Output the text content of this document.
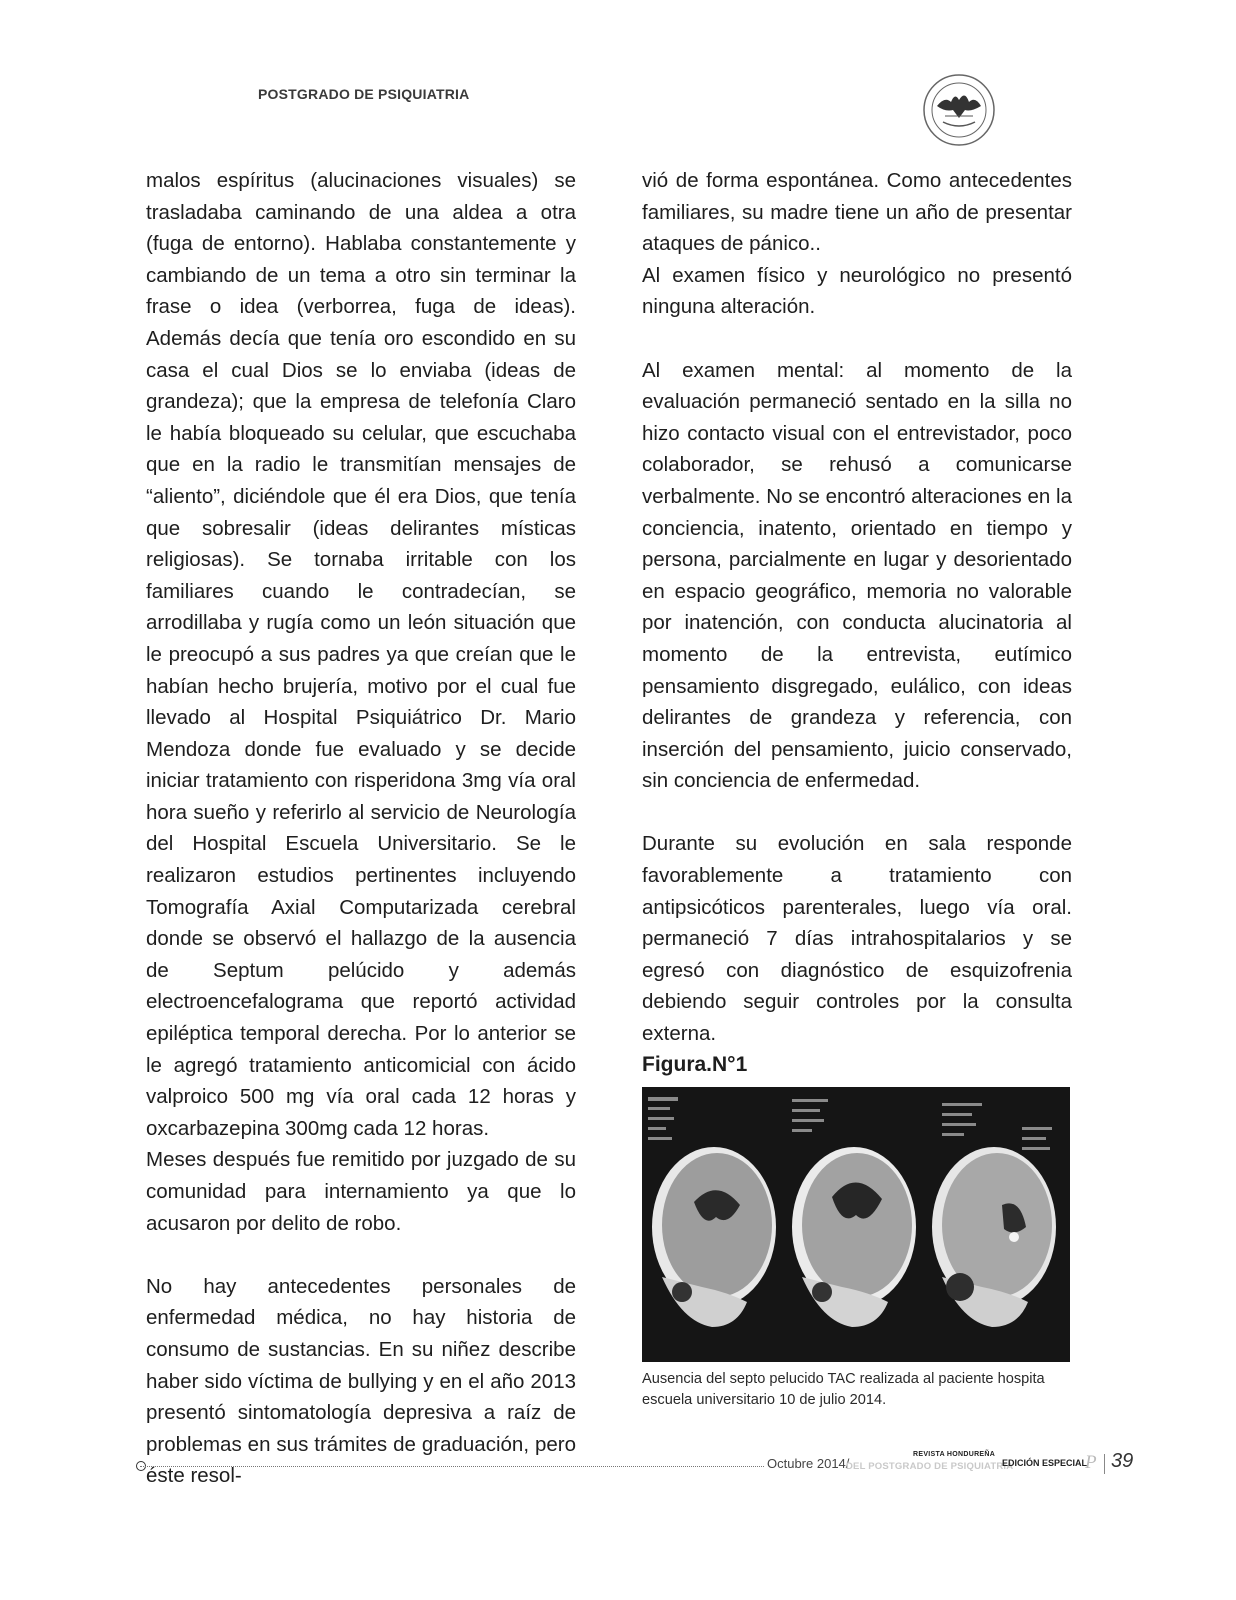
POSTGRADO DE PSIQUIATRIA

malos espíritus (alucinaciones visuales) se trasladaba caminando de una aldea a otra (fuga de entorno). Hablaba constantemente y cambiando de un tema a otro sin terminar la frase o idea (verborrea, fuga de ideas). Además decía que tenía oro escondido en su casa el cual Dios se lo enviaba (ideas de grandeza); que la empresa de telefonía Claro le había bloqueado su celular, que escuchaba que en la radio le transmitían mensajes de “aliento”, diciéndole que él era Dios, que tenía que sobresalir (ideas delirantes místicas religiosas). Se tornaba irritable con los familiares cuando le contradecían, se arrodillaba y rugía como un león situación que le preocupó a sus padres ya que creían que le habían hecho brujería, motivo por el cual fue llevado al Hospital Psiquiátrico Dr. Mario Mendoza donde fue evaluado y se decide iniciar tratamiento con risperidona 3mg vía oral hora sueño y referirlo al servicio de Neurología del Hospital Escuela Universitario. Se le realizaron estudios pertinentes incluyendo Tomografía Axial Computarizada cerebral donde se observó el hallazgo de la ausencia de Septum pelúcido y además electroencefalograma que reportó actividad epiléptica temporal derecha. Por lo anterior se le agregó tratamiento anticomicial con ácido valproico 500 mg vía oral cada 12 horas y oxcarbazepina 300mg cada 12 horas.

Meses después fue remitido por juzgado de su comunidad para internamiento ya que lo acusaron por delito de robo.

No hay antecedentes personales de enfermedad médica, no hay historia de consumo de sustancias. En su niñez describe haber sido víctima de bullying y en el año 2013 presentó sintomatología depresiva a raíz de problemas en sus trámites de graduación, pero éste resol-

vió de forma espontánea. Como antecedentes familiares, su madre tiene un año de presentar ataques de pánico..

Al examen físico y neurológico no presentó ninguna alteración.

Al examen mental: al momento de la evaluación permaneció sentado en la silla no hizo contacto visual con el entrevistador, poco colaborador, se rehusó a comunicarse verbalmente. No se encontró alteraciones en la conciencia, inatento, orientado en tiempo y persona, parcialmente en lugar y desorientado en espacio geográfico, memoria no valorable por inatención, con conducta alucinatoria al momento de la entrevista, eutímico pensamiento disgregado, eulálico, con ideas delirantes de grandeza y referencia, con inserción del pensamiento, juicio conservado, sin conciencia de enfermedad.

Durante su evolución en sala responde favorablemente a tratamiento con antipsicóticos parenterales, luego vía oral. permaneció 7 días intrahospitalarios y se egresó con diagnóstico de esquizofrenia debiendo seguir controles por la consulta externa.

Figura.N°1
Ausencia del septo pelucido TAC realizada al paciente hospita escuela universitario 10 de julio 2014.
Octubre 2014/
REVISTA HONDUREÑA
DEL POSTGRADO DE PSIQUIATRIA
EDICIÓN ESPECIAL
P 39
